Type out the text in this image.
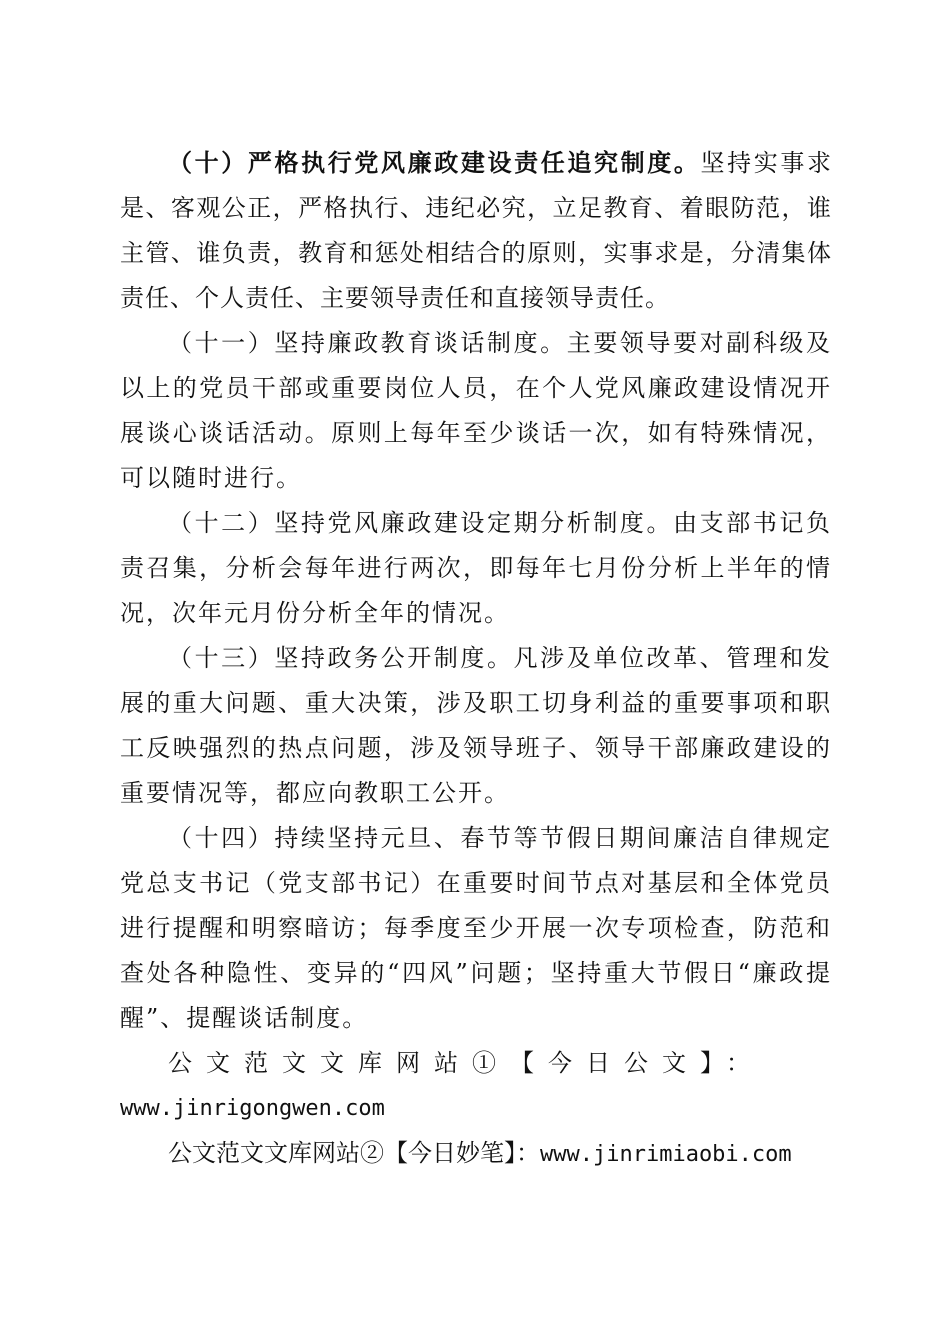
（十）严格执行党风廉政建设责任追究制度。坚持实事求是、客观公正，严格执行、违纪必究，立足教育、着眼防范，谁主管、谁负责，教育和惩处相结合的原则，实事求是，分清集体责任、个人责任、主要领导责任和直接领导责任。

（十一）坚持廉政教育谈话制度。主要领导要对副科级及以上的党员干部或重要岗位人员，在个人党风廉政建设情况开展谈心谈话活动。原则上每年至少谈话一次，如有特殊情况，可以随时进行。

（十二）坚持党风廉政建设定期分析制度。由支部书记负责召集，分析会每年进行两次，即每年七月份分析上半年的情况，次年元月份分析全年的情况。

（十三）坚持政务公开制度。凡涉及单位改革、管理和发展的重大问题、重大决策，涉及职工切身利益的重要事项和职工反映强烈的热点问题，涉及领导班子、领导干部廉政建设的重要情况等，都应向教职工公开。

（十四）持续坚持元旦、春节等节假日期间廉洁自律规定党总支书记（党支部书记）在重要时间节点对基层和全体党员进行提醒和明察暗访；每季度至少开展一次专项检查，防范和查处各种隐性、变异的“四风”问题；坚持重大节假日“廉政提醒”、提醒谈话制度。

公文范文文库网站①【今日公文】：
www.jinrigongwen.com

公文范文文库网站②【今日妙笔】：www.jinrimiaobi.com
